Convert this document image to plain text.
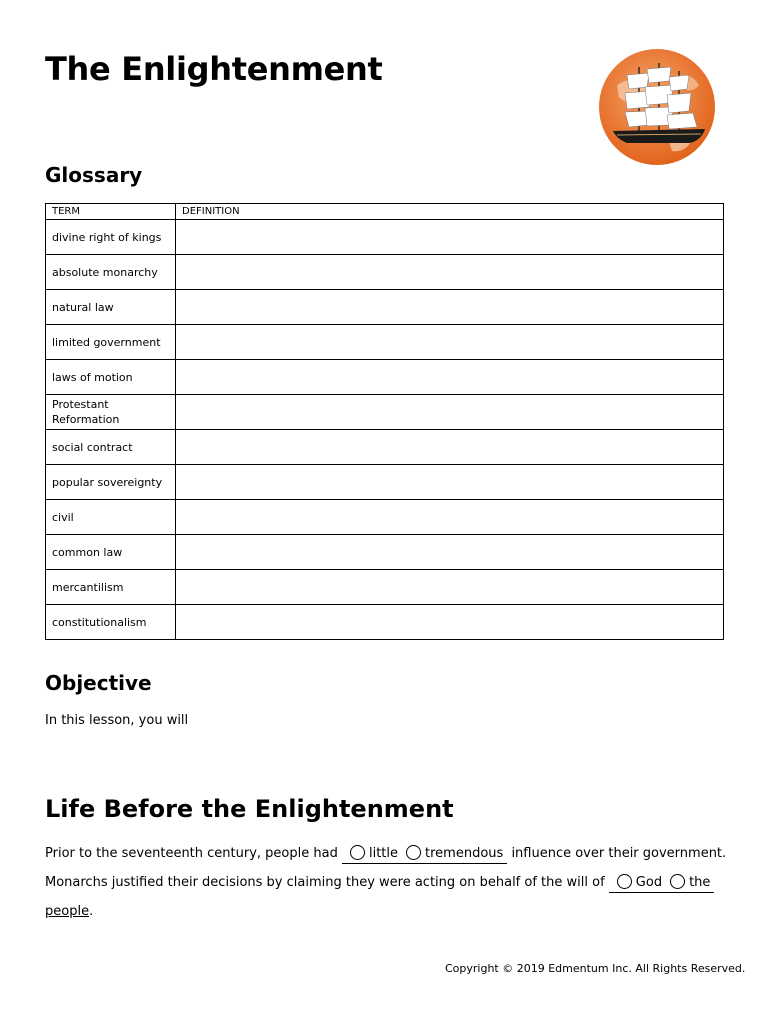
The Enlightenment
Glossary
TERM	DEFINITION
divine right of kings	
absolute monarchy	
natural law	
limited government	
laws of motion	
Protestant Reformation	
social contract	
popular sovereignty	
civil	
common law	
mercantilism	
constitutionalism	
Objective
In this lesson, you will
Life Before the Enlightenment
Prior to the seventeenth century, people had little tremendous influence over their government.
Monarchs justified their decisions by claiming they were acting on behalf of the will of God the
people.
Copyright © 2019 Edmentum Inc. All Rights Reserved.
